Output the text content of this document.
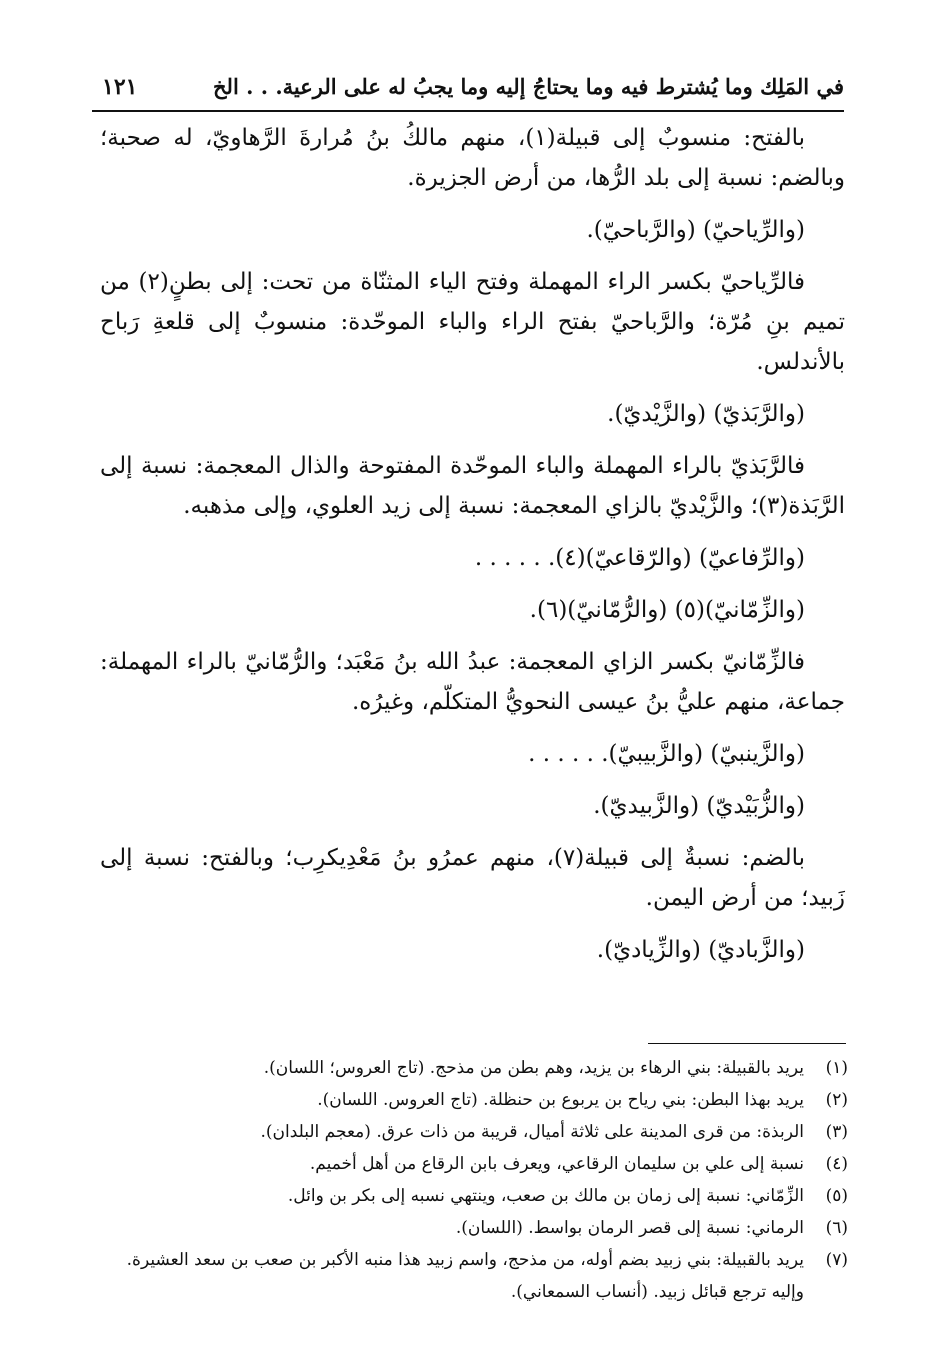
في المَلِك وما يُشترط فيه وما يحتاجُ إليه وما يجبُ له على الرعية. . . الخ
١٢١

بالفتح: منسوبٌ إلى قبيلة(١)، منهم مالكُ بنُ مُرارةَ الرَّهاويّ، له صحبة؛ وبالضم: نسبة إلى بلد الرُّها، من أرض الجزيرة.

(والرِّياحيّ) (والرَّباحيّ).

فالرِّياحيّ بكسر الراء المهملة وفتح الياء المثنّاة من تحت: إلى بطنٍ(٢) من تميم بنِ مُرّة؛ والرَّباحيّ بفتح الراء والباء الموحّدة: منسوبٌ إلى قلعةِ رَباح بالأندلس.

(والرَّبَذيّ) (والزَّيْديّ).

فالرَّبَذيّ بالراء المهملة والباء الموحّدة المفتوحة والذال المعجمة: نسبة إلى الرَّبَذة(٣)؛ والزَّيْديّ بالزاي المعجمة: نسبة إلى زيد العلوي، وإلى مذهبه.

(والرِّفاعيّ) (والرّقاعيّ)(٤). . . . . .

(والزِّمّانيّ)(٥) (والرُّمّانيّ)(٦).

فالزِّمّانيّ بكسر الزاي المعجمة: عبدُ الله بنُ مَعْبَد؛ والرُّمّانيّ بالراء المهملة: جماعة، منهم عليُّ بنُ عيسى النحويُّ المتكلّم، وغيرُه.

(والزَّينبيّ) (والزَّبيبيّ). . . . . .

(والزُّبَيْديّ) (والزَّبيديّ).

بالضم: نسبةٌ إلى قبيلة(٧)، منهم عمرُو بنُ مَعْدِيكرِب؛ وبالفتح: نسبة إلى زَبيد؛ من أرض اليمن.

(والزَّباديّ) (والزِّياديّ).

(١)
يريد بالقبيلة: بني الرهاء بن يزيد، وهم بطن من مذحج. (تاج العروس؛ اللسان).
(٢)
يريد بهذا البطن: بني رياح بن يربوع بن حنظلة. (تاج العروس. اللسان).
(٣)
الربذة: من قرى المدينة على ثلاثة أميال، قريبة من ذات عرق. (معجم البلدان).
(٤)
نسبة إلى علي بن سليمان الرقاعي، ويعرف بابن الرقاع من أهل أخميم.
(٥)
الزِّمّاني: نسبة إلى زمان بن مالك بن صعب، وينتهي نسبه إلى بكر بن وائل.
(٦)
الرماني: نسبة إلى قصر الرمان بواسط. (اللسان).
(٧)
يريد بالقبيلة: بني زبيد بضم أوله، من مذحج، واسم زبيد هذا منبه الأكبر بن صعب بن سعد العشيرة. وإليه ترجع قبائل زبيد. (أنساب السمعاني).
